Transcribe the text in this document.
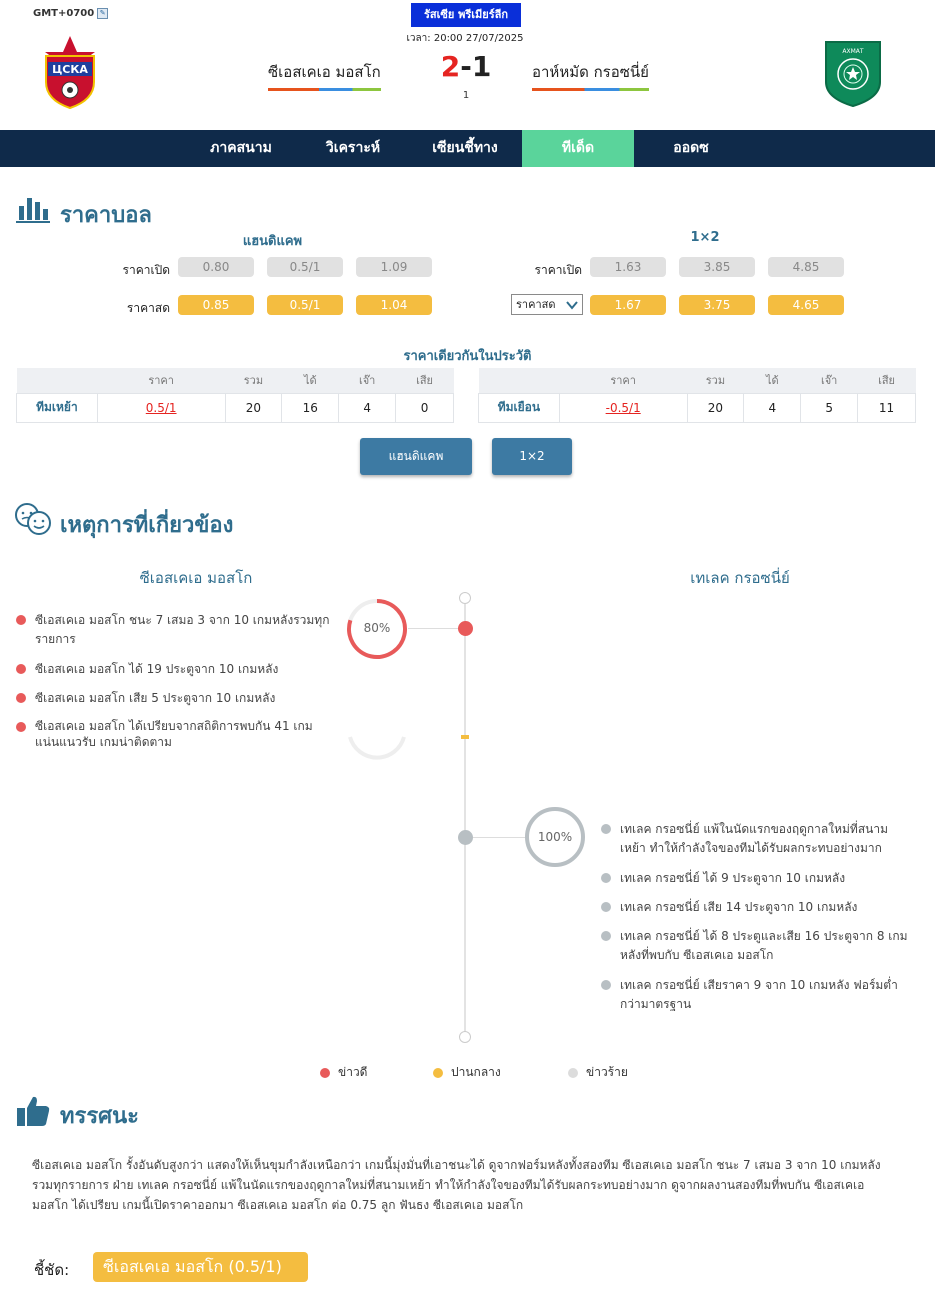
GMT+0700 ✎	รัสเซีย พรีเมียร์ลีก
เวลา: 20:00 27/07/2025
ЦСКА
АХМАТ
ซีเอสเคเอ มอสโก	2-1
1
อาห์หมัด กรอซนี่ย์
ภาคสนาม	วิเคราะห์	เซียนชี้ทาง	ทีเด็ด	ออดซ
ราคาบอล
แฮนดิแคพ
ราคาเปิด	0.80	0.5/1	1.09
ราคาสด	0.85	0.5/1	1.04
1×2
ราคาเปิด	1.63	3.85	4.85
ราคาสด	1.67	3.75	4.65
ราคาเดียวกันในประวัติ
	ราคา	รวม	ได้	เจ๊า	เสีย
ทีมเหย้า	0.5/1	20	16	4	0
	ราคา	รวม	ได้	เจ๊า	เสีย
ทีมเยือน	-0.5/1	20	4	5	11
แฮนดิแคพ	1×2
เหตุการที่เกี่ยวข้อง
ซีเอสเคเอ มอสโก	เทเลค กรอซนี่ย์
80%
100%
ซีเอสเคเอ มอสโก ชนะ 7 เสมอ 3 จาก 10 เกมหลังรวมทุกรายการ
ซีเอสเคเอ มอสโก ได้ 19 ประตูจาก 10 เกมหลัง
ซีเอสเคเอ มอสโก เสีย 5 ประตูจาก 10 เกมหลัง
ซีเอสเคเอ มอสโก ได้เปรียบจากสถิติการพบกัน 41 เกม แน่นแนวรับ เกมน่าติดตาม
เทเลค กรอซนี่ย์ แพ้ในนัดแรกของฤดูกาลใหม่ที่สนามเหย้า ทำให้กำลังใจของทีมได้รับผลกระทบอย่างมาก
เทเลค กรอซนี่ย์ ได้ 9 ประตูจาก 10 เกมหลัง
เทเลค กรอซนี่ย์ เสีย 14 ประตูจาก 10 เกมหลัง
เทเลค กรอซนี่ย์ ได้ 8 ประตูและเสีย 16 ประตูจาก 8 เกมหลังที่พบกับ ซีเอสเคเอ มอสโก
เทเลค กรอซนี่ย์ เสียราคา 9 จาก 10 เกมหลัง ฟอร์มต่ำกว่ามาตรฐาน
ข่าวดี	ปานกลาง	ข่าวร้าย
ทรรศนะ
ซีเอสเคเอ มอสโก รั้งอันดับสูงกว่า แสดงให้เห็นขุมกำลังเหนือกว่า เกมนี้มุ่งมั่นที่เอาชนะได้ ดูจากฟอร์มหลังทั้งสองทีม ซีเอสเคเอ มอสโก ชนะ 7 เสมอ 3 จาก 10 เกมหลังรวมทุกรายการ ฝ่าย เทเลค กรอซนี่ย์ แพ้ในนัดแรกของฤดูกาลใหม่ที่สนามเหย้า ทำให้กำลังใจของทีมได้รับผลกระทบอย่างมาก ดูจากผลงานสองทีมที่พบกัน ซีเอสเคเอ มอสโก ได้เปรียบ เกมนี้เปิดราคาออกมา ซีเอสเคเอ มอสโก ต่อ 0.75 ลูก ฟันธง ซีเอสเคเอ มอสโก
ชี้ชัด:	ซีเอสเคเอ มอสโก (0.5/1)
